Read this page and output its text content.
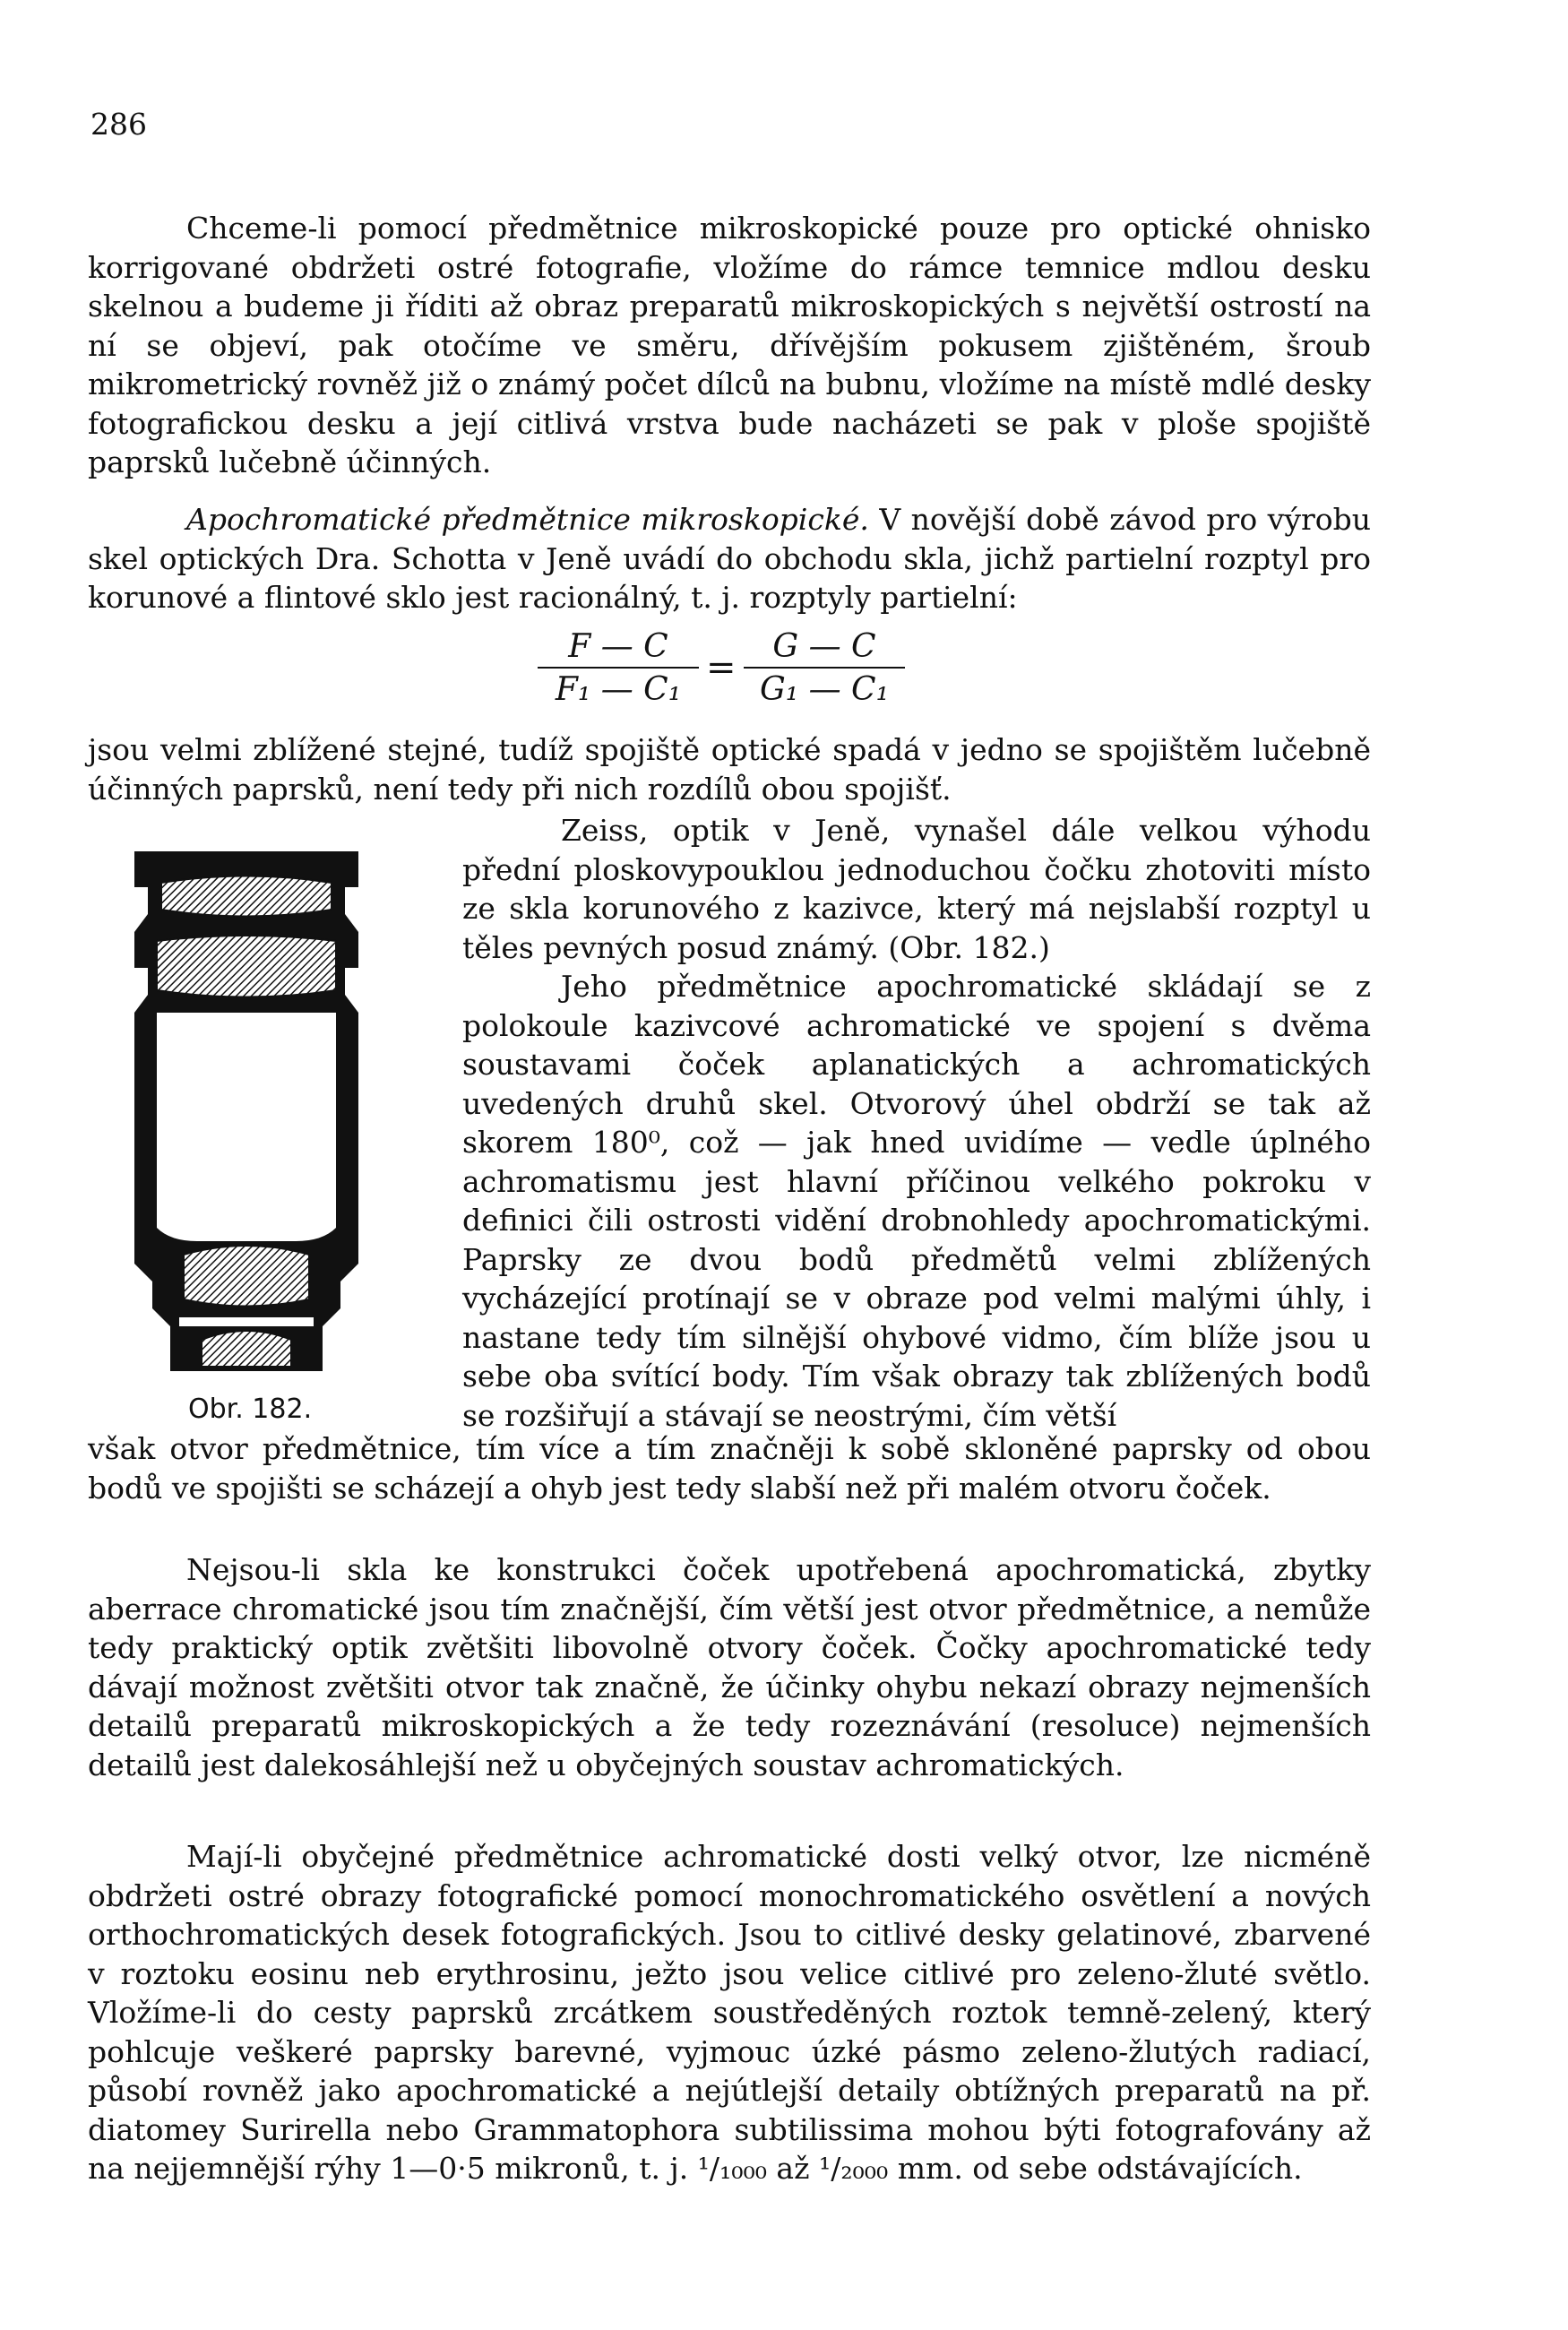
286

Chceme-li pomocí předmětnice mikroskopické pouze pro optické ohnisko korrigované obdržeti ostré fotografie, vložíme do rámce temnice mdlou desku skelnou a budeme ji říditi až obraz preparatů mikroskopických s největší ostrostí na ní se objeví, pak otočíme ve směru, dřívějším pokusem zjištěném, šroub mikrometrický rovněž již o známý počet dílců na bubnu, vložíme na místě mdlé desky fotografickou desku a její citlivá vrstva bude nacházeti se pak v ploše spojiště paprsků lučebně účinných.

Apochromatické předmětnice mikroskopické. V novější době závod pro výrobu skel optických Dra. Schotta v Jeně uvádí do obchodu skla, jichž partielní rozptyl pro korunové a flintové sklo jest racionálný, t. j. rozptyly partielní:

$\frac{F — C}{\text{F₁ — C₁}} = \frac{G — C}{\text{G₁ — C₁}}$

jsou velmi zblížené stejné, tudíž spojiště optické spadá v jedno se spojištěm lučebně účinných paprsků, není tedy při nich rozdílů obou spojišť.

Zeiss, optik v Jeně, vynašel dále velkou výhodu přední ploskovypouklou jednoduchou čočku zhotoviti místo ze skla korunového z kazivce, který má nejslabší rozptyl u těles pevných posud známý. (Obr. 182.)

Jeho předmětnice apochromatické skládají se z polokoule kazivcové achromatické ve spojení s dvěma soustavami čoček aplanatických a achromatických uvedených druhů skel. Otvorový úhel obdrží se tak až skorem 180⁰, což — jak hned uvidíme — vedle úplného achromatismu jest hlavní příčinou velkého pokroku v definici čili ostrosti vidění drobnohledy apochromatickými. Paprsky ze dvou bodů předmětů velmi zblížených vycházející protínají se v obraze pod velmi malými úhly, i nastane tedy tím silnější ohybové vidmo, čím blíže jsou u sebe oba svítící body. Tím však obrazy tak zblížených bodů se rozšiřují a stávají se neostrými, čím větší

Obr. 182.

však otvor předmětnice, tím více a tím značněji k sobě skloněné paprsky od obou bodů ve spojišti se scházejí a ohyb jest tedy slabší než při malém otvoru čoček.

Nejsou-li skla ke konstrukci čoček upotřebená apochromatická, zbytky aberrace chromatické jsou tím značnější, čím větší jest otvor předmětnice, a nemůže tedy praktický optik zvětšiti libovolně otvory čoček. Čočky apochromatické tedy dávají možnost zvětšiti otvor tak značně, že účinky ohybu nekazí obrazy nejmenších detailů preparatů mikroskopických a že tedy rozeznávání (resoluce) nejmenších detailů jest dalekosáhlejší než u obyčejných soustav achromatických.

Mají-li obyčejné předmětnice achromatické dosti velký otvor, lze nicméně obdržeti ostré obrazy fotografické pomocí monochromatického osvětlení a nových orthochromatických desek fotografických. Jsou to citlivé desky gelatinové, zbarvené v roztoku eosinu neb erythrosinu, ježto jsou velice citlivé pro zeleno-žluté světlo. Vložíme-li do cesty paprsků zrcátkem soustředěných roztok temně-zelený, který pohlcuje veškeré paprsky barevné, vyjmouc úzké pásmo zeleno-žlutých radiací, působí rovněž jako apochromatické a nejútlejší detaily obtížných preparatů na př. diatomey Surirella nebo Grammatophora subtilissima mohou býti fotografovány až na nejjemnější rýhy 1—0·5 mikronů, t. j. ¹/₁₀₀₀ až ¹/₂₀₀₀ mm. od sebe odstávajících.
